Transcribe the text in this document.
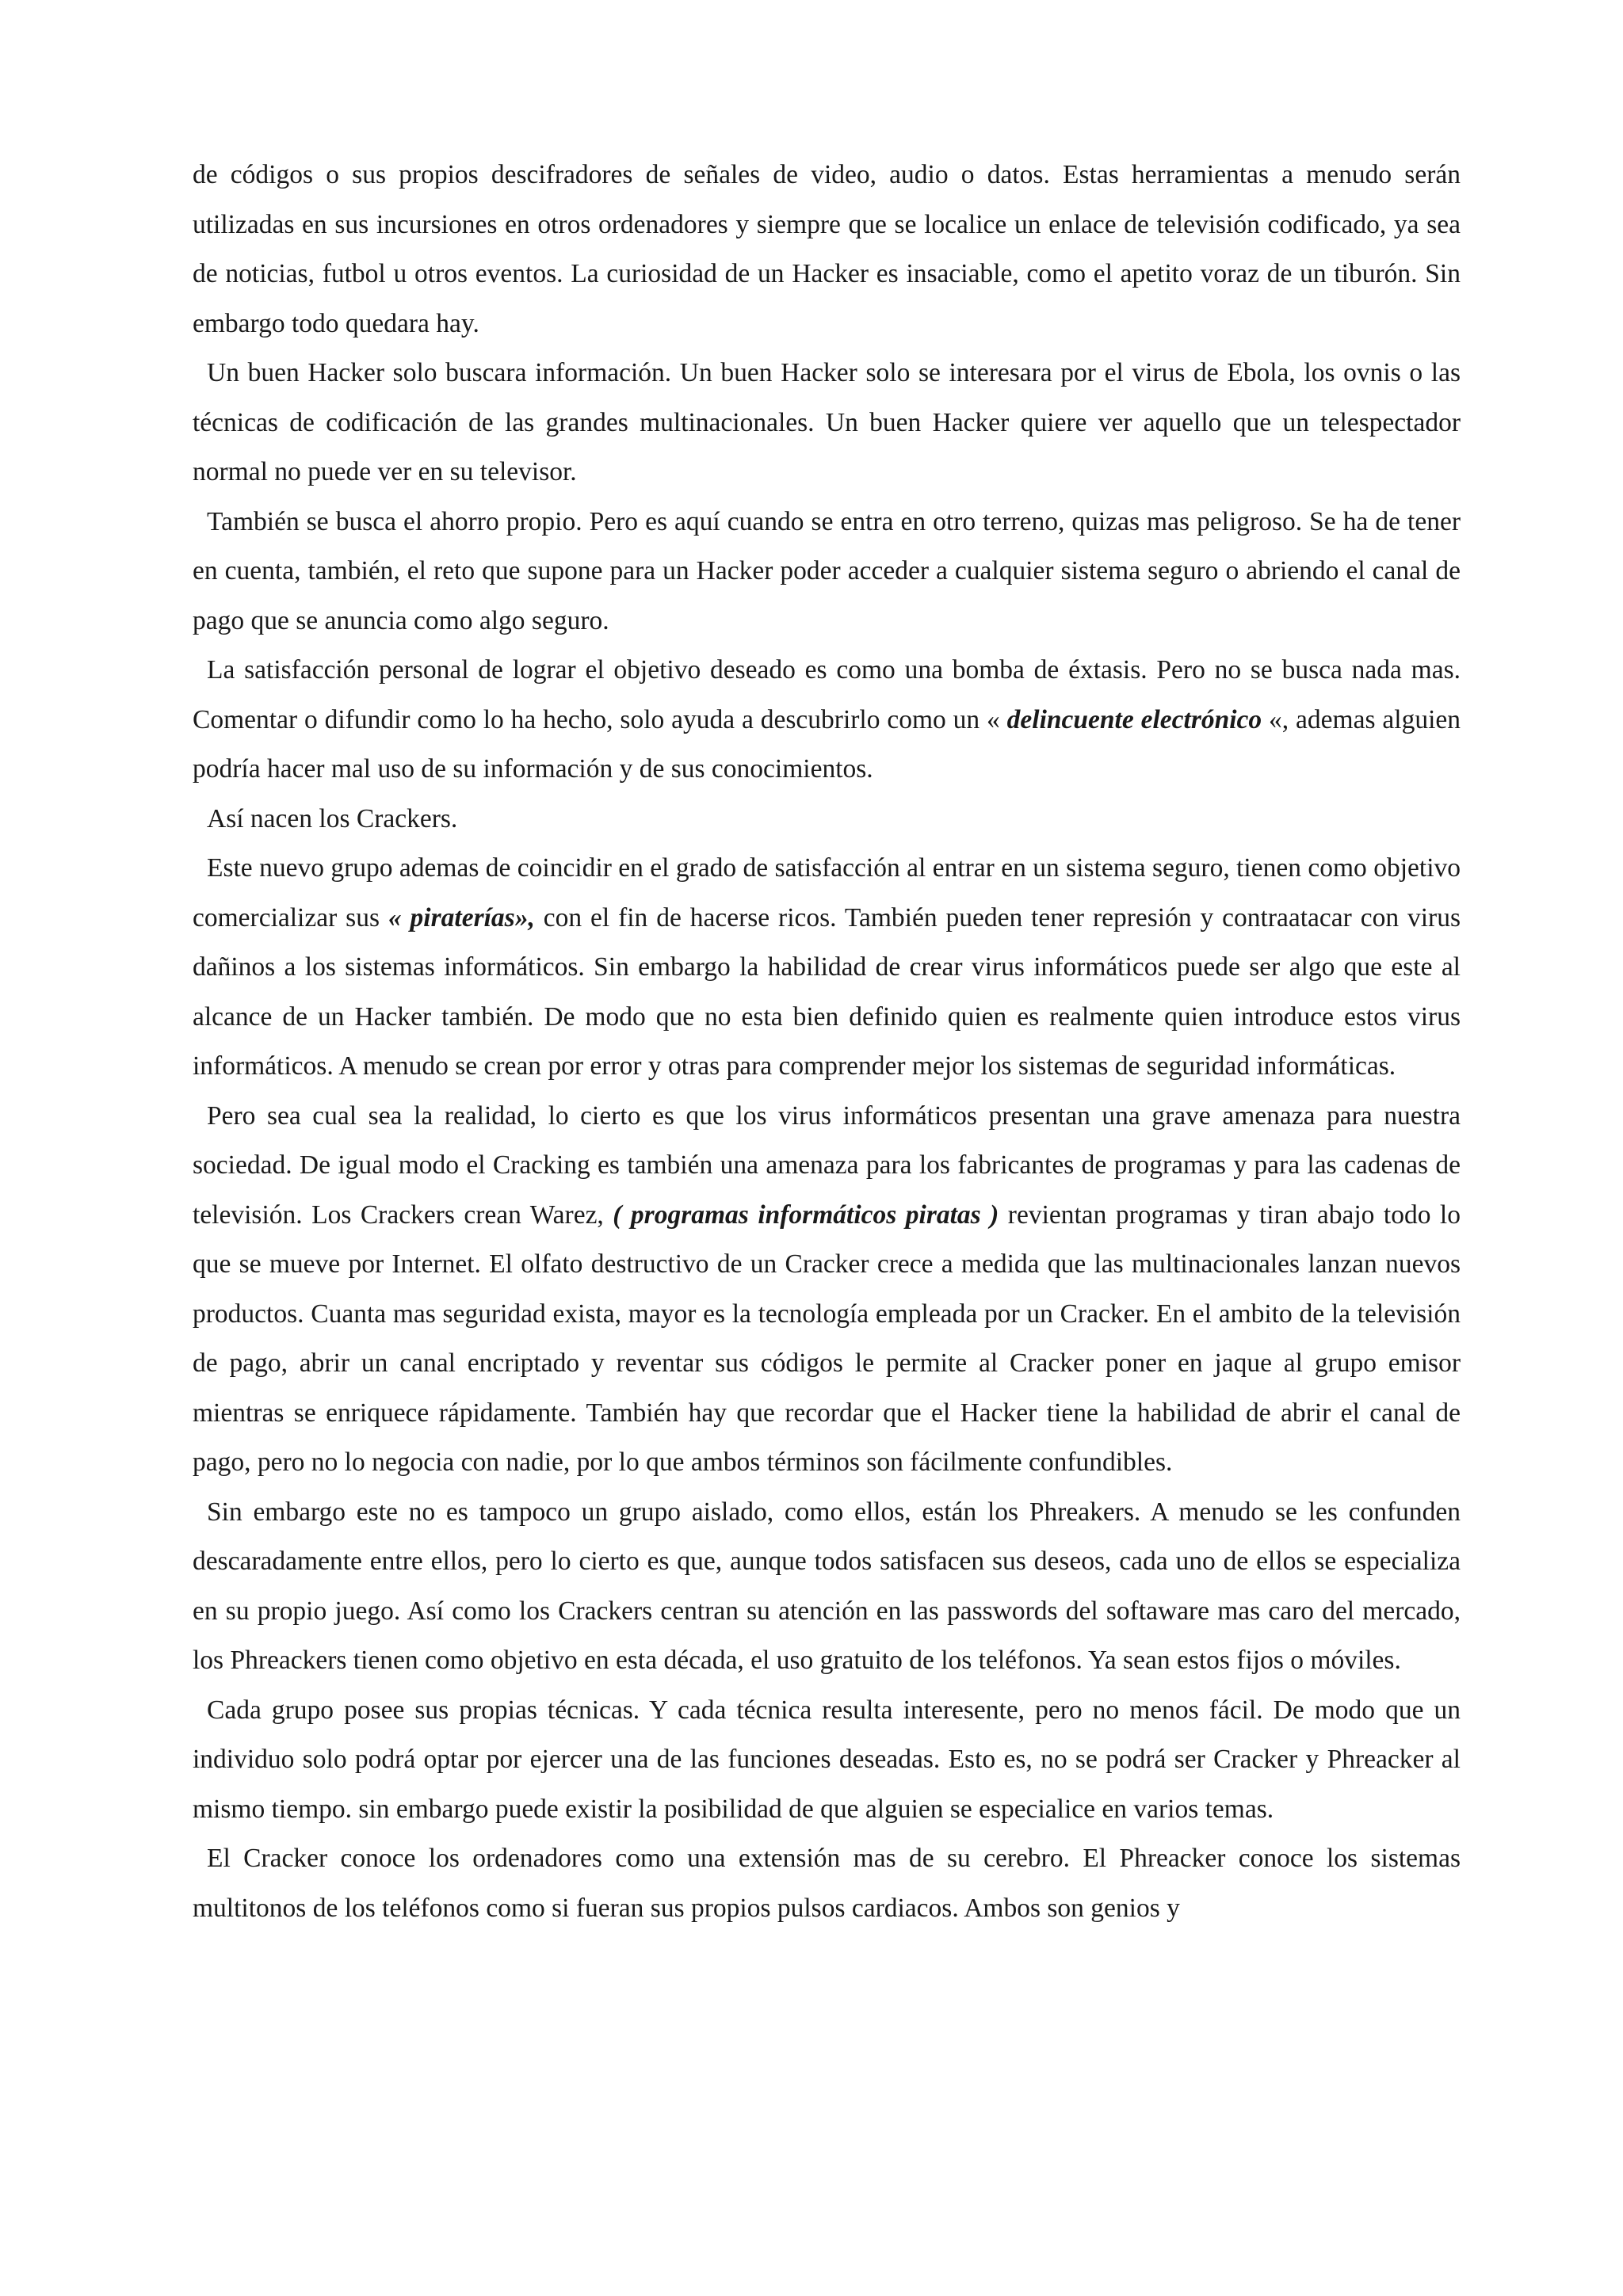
de códigos o sus propios descifradores de señales de video, audio o datos. Estas herramientas a menudo serán utilizadas en sus incursiones en otros ordenadores y siempre que se localice un enlace de televisión codificado, ya sea de noticias, futbol u otros eventos. La curiosidad de un Hacker es insaciable, como el apetito voraz de un tiburón. Sin embargo todo quedara hay.

Un buen Hacker solo buscara información. Un buen Hacker solo se interesara por el virus de Ebola, los ovnis o las técnicas de codificación de las grandes multinacionales. Un buen Hacker quiere ver aquello que un telespectador normal no puede ver en su televisor.

También se busca el ahorro propio. Pero es aquí cuando se entra en otro terreno, quizas mas peligroso. Se ha de tener en cuenta, también, el reto que supone para un Hacker poder acceder a cualquier sistema seguro o abriendo el canal de pago que se anuncia como algo seguro.

La satisfacción personal de lograr el objetivo deseado es como una bomba de éxtasis. Pero no se busca nada mas. Comentar o difundir como lo ha hecho, solo ayuda a descubrirlo como un « delincuente electrónico «, ademas alguien podría hacer mal uso de su información y de sus conocimientos.

Así nacen los Crackers.

Este nuevo grupo ademas de coincidir en el grado de satisfacción al entrar en un sistema seguro, tienen como objetivo comercializar sus « piraterías», con el fin de hacerse ricos. También pueden tener represión y contraatacar con virus dañinos a los sistemas informáticos. Sin embargo la habilidad de crear virus informáticos puede ser algo que este al alcance de un Hacker también. De modo que no esta bien definido quien es realmente quien introduce estos virus informáticos. A menudo se crean por error y otras para comprender mejor los sistemas de seguridad informáticas.

Pero sea cual sea la realidad, lo cierto es que los virus informáticos presentan una grave amenaza para nuestra sociedad. De igual modo el Cracking es también una amenaza para los fabricantes de programas y para las cadenas de televisión. Los Crackers crean Warez, ( programas informáticos piratas ) revientan programas y tiran abajo todo lo que se mueve por Internet. El olfato destructivo de un Cracker crece a medida que las multinacionales lanzan nuevos productos. Cuanta mas seguridad exista, mayor es la tecnología empleada por un Cracker. En el ambito de la televisión de pago, abrir un canal encriptado y reventar sus códigos le permite al Cracker poner en jaque al grupo emisor mientras se enriquece rápidamente. También hay que recordar que el Hacker tiene la habilidad de abrir el canal de pago, pero no lo negocia con nadie, por lo que ambos términos son fácilmente confundibles.

Sin embargo este no es tampoco un grupo aislado, como ellos, están los Phreakers. A menudo se les confunden descaradamente entre ellos, pero lo cierto es que, aunque todos satisfacen sus deseos, cada uno de ellos se especializa en su propio juego. Así como los Crackers centran su atención en las passwords del softaware mas caro del mercado, los Phreackers tienen como objetivo en esta década, el uso gratuito de los teléfonos. Ya sean estos fijos o móviles.

Cada grupo posee sus propias técnicas. Y cada técnica resulta interesente, pero no menos fácil. De modo que un individuo solo podrá optar por ejercer una de las funciones deseadas. Esto es, no se podrá ser Cracker y Phreacker al mismo tiempo. sin embargo puede existir la posibilidad de que alguien se especialice en varios temas.

El Cracker conoce los ordenadores como una extensión mas de su cerebro. El Phreacker conoce los sistemas multitonos de los teléfonos como si fueran sus propios pulsos cardiacos. Ambos son genios y
